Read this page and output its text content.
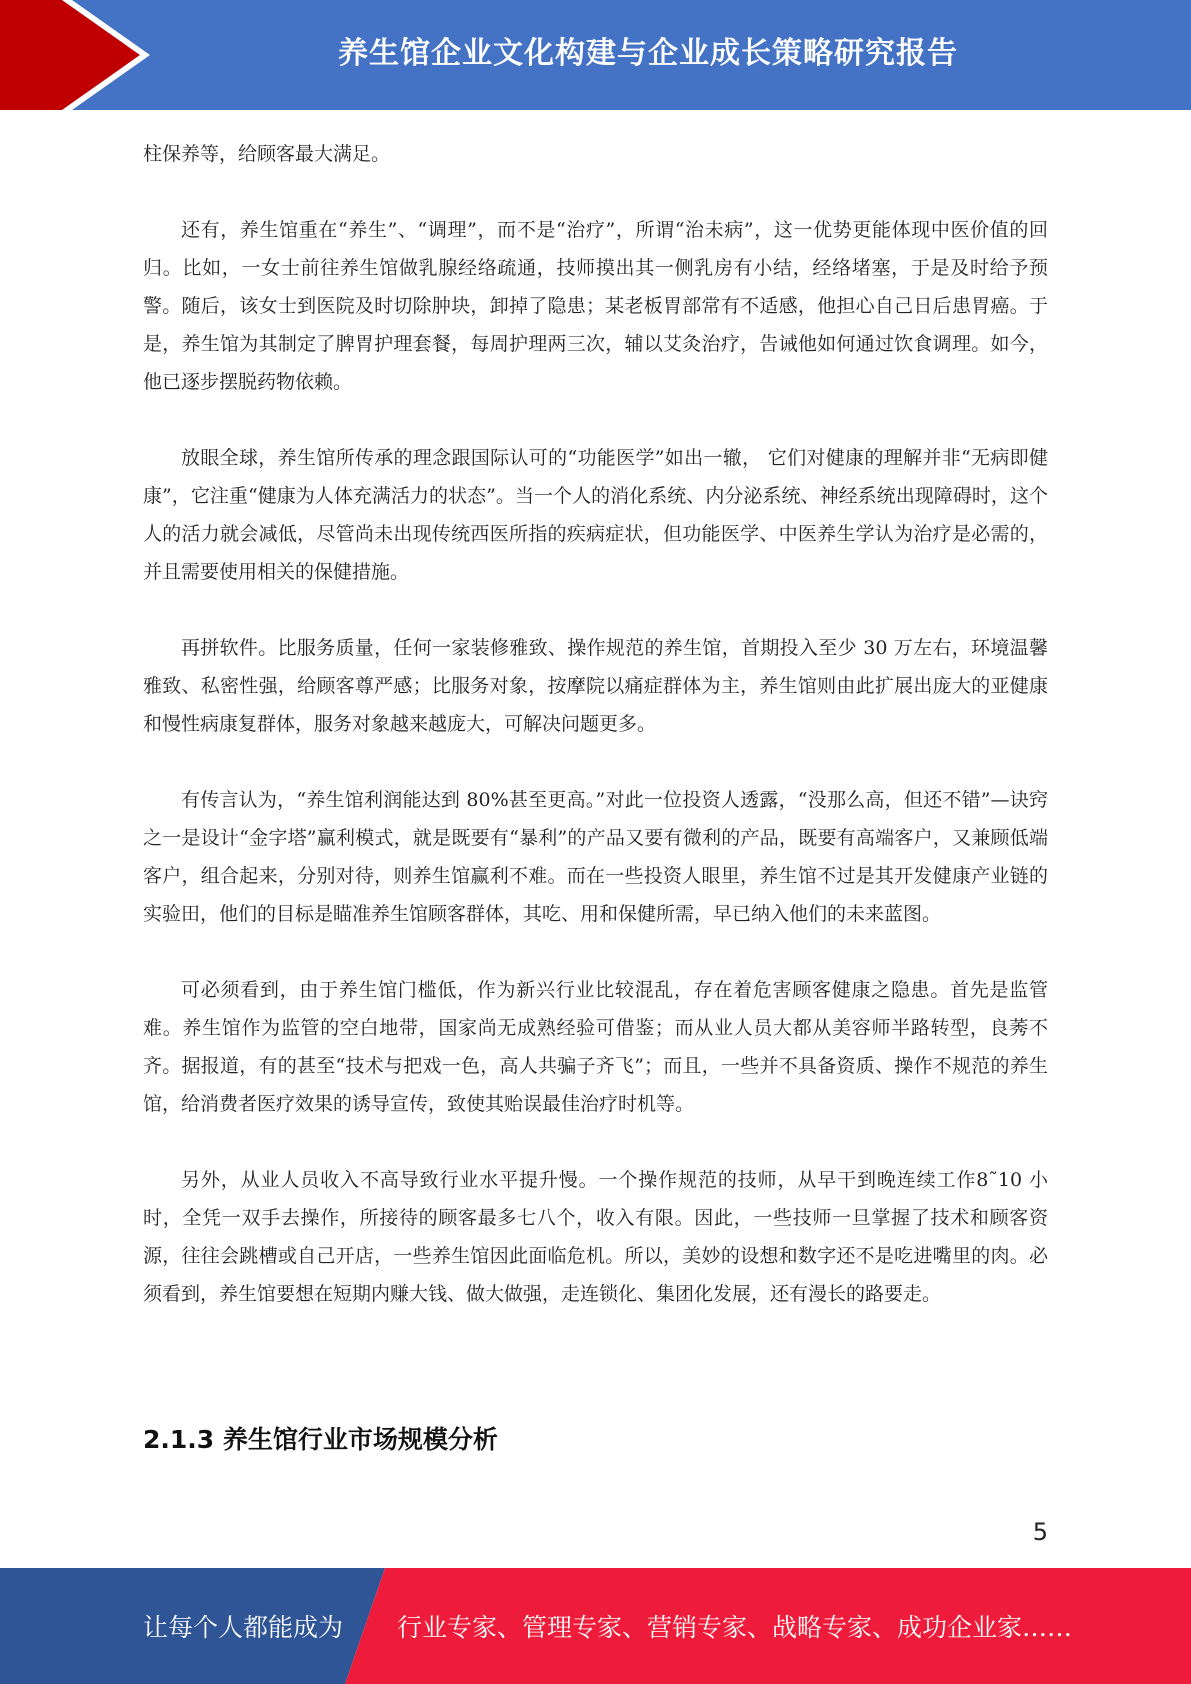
养生馆企业文化构建与企业成长策略研究报告

柱保养等，给顾客最大满足。

还有，养生馆重在“养生”、“调理”，而不是“治疗”，所谓“治未病”，这一优势更能体现中医价值的回归。比如，一女士前往养生馆做乳腺经络疏通，技师摸出其一侧乳房有小结，经络堵塞，于是及时给予预警。随后，该女士到医院及时切除肿块，卸掉了隐患；某老板胃部常有不适感，他担心自己日后患胃癌。于是，养生馆为其制定了脾胃护理套餐，每周护理两三次，辅以艾灸治疗，告诫他如何通过饮食调理。如今，他已逐步摆脱药物依赖。

放眼全球，养生馆所传承的理念跟国际认可的“功能医学”如出一辙， 它们对健康的理解并非“无病即健康”，它注重“健康为人体充满活力的状态”。当一个人的消化系统、内分泌系统、神经系统出现障碍时，这个人的活力就会减低，尽管尚未出现传统西医所指的疾病症状，但功能医学、中医养生学认为治疗是必需的，并且需要使用相关的保健措施。

再拼软件。比服务质量，任何一家装修雅致、操作规范的养生馆，首期投入至少 30 万左右，环境温馨雅致、私密性强，给顾客尊严感；比服务对象，按摩院以痛症群体为主，养生馆则由此扩展出庞大的亚健康和慢性病康复群体，服务对象越来越庞大，可解决问题更多。

有传言认为，“养生馆利润能达到 80%甚至更高。”对此一位投资人透露，“没那么高，但还不错”—诀窍之一是设计“金字塔”赢利模式，就是既要有“暴利”的产品又要有微利的产品，既要有高端客户，又兼顾低端客户，组合起来，分别对待，则养生馆赢利不难。而在一些投资人眼里，养生馆不过是其开发健康产业链的实验田，他们的目标是瞄准养生馆顾客群体，其吃、用和保健所需，早已纳入他们的未来蓝图。

可必须看到，由于养生馆门槛低，作为新兴行业比较混乱，存在着危害顾客健康之隐患。首先是监管难。养生馆作为监管的空白地带，国家尚无成熟经验可借鉴；而从业人员大都从美容师半路转型，良莠不齐。据报道，有的甚至“技术与把戏一色，高人共骗子齐飞”；而且，一些并不具备资质、操作不规范的养生馆，给消费者医疗效果的诱导宣传，致使其贻误最佳治疗时机等。

另外，从业人员收入不高导致行业水平提升慢。一个操作规范的技师，从早干到晚连续工作8˜10 小时，全凭一双手去操作，所接待的顾客最多七八个，收入有限。因此，一些技师一旦掌握了技术和顾客资源，往往会跳槽或自己开店，一些养生馆因此面临危机。所以，美妙的设想和数字还不是吃进嘴里的肉。必须看到，养生馆要想在短期内赚大钱、做大做强，走连锁化、集团化发展，还有漫长的路要走。

2.1.3 养生馆行业市场规模分析
5
让每个人都能成为 行业专家、管理专家、营销专家、战略专家、成功企业家……
